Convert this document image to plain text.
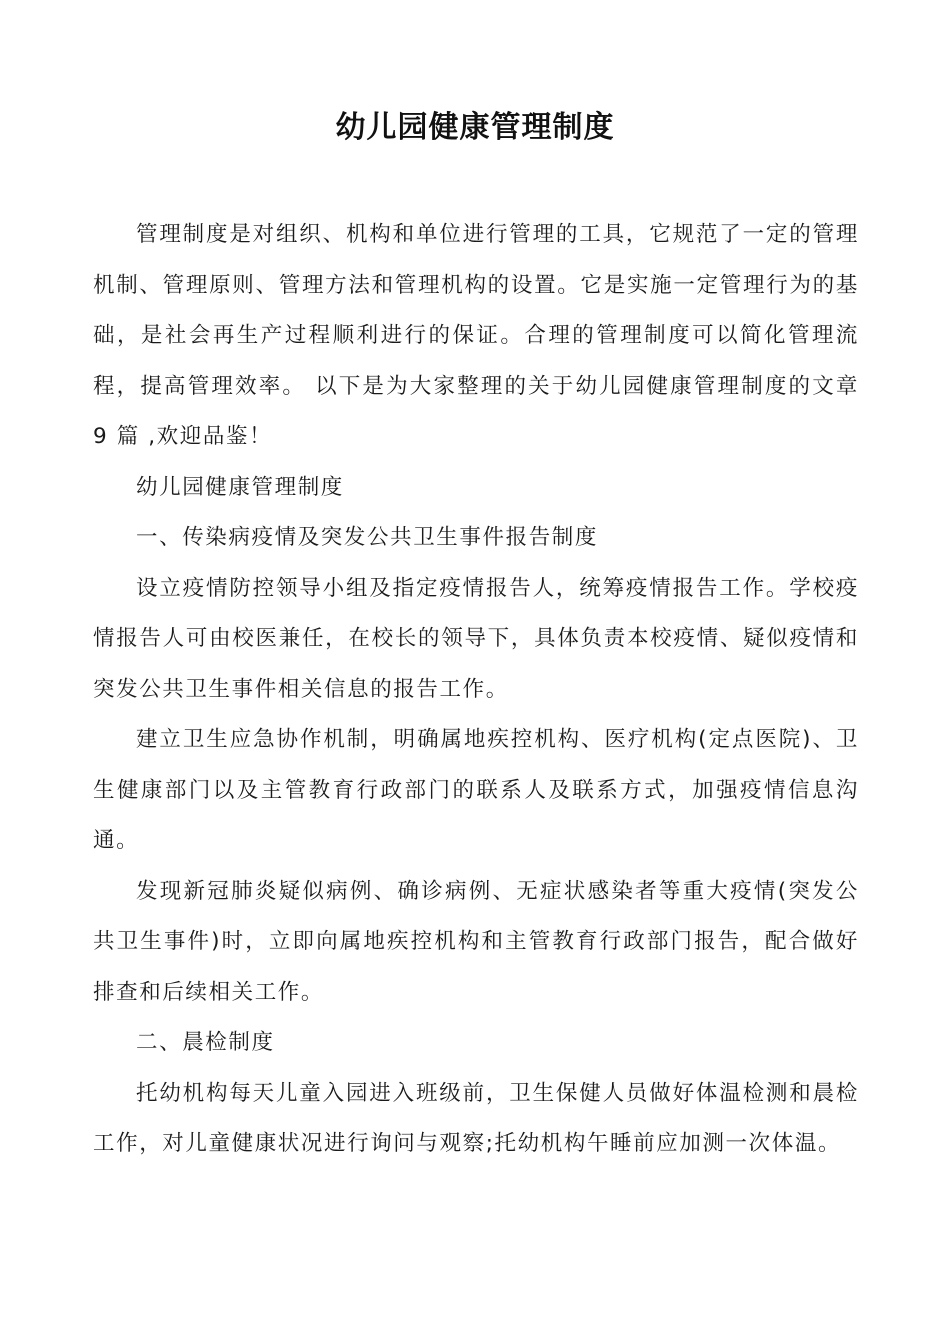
幼儿园健康管理制度

管理制度是对组织、机构和单位进行管理的工具，它规范了一定的管理机制、管理原则、管理方法和管理机构的设置。它是实施一定管理行为的基础，是社会再生产过程顺利进行的保证。合理的管理制度可以简化管理流程，提高管理效率。 以下是为大家整理的关于幼儿园健康管理制度的文章 9 篇 ,欢迎品鉴！

幼儿园健康管理制度

一、传染病疫情及突发公共卫生事件报告制度

设立疫情防控领导小组及指定疫情报告人，统筹疫情报告工作。学校疫情报告人可由校医兼任，在校长的领导下，具体负责本校疫情、疑似疫情和突发公共卫生事件相关信息的报告工作。

建立卫生应急协作机制，明确属地疾控机构、医疗机构(定点医院)、卫生健康部门以及主管教育行政部门的联系人及联系方式，加强疫情信息沟通。

发现新冠肺炎疑似病例、确诊病例、无症状感染者等重大疫情(突发公共卫生事件)时，立即向属地疾控机构和主管教育行政部门报告，配合做好排查和后续相关工作。

二、晨检制度

托幼机构每天儿童入园进入班级前，卫生保健人员做好体温检测和晨检工作，对儿童健康状况进行询问与观察;托幼机构午睡前应加测一次体温。
